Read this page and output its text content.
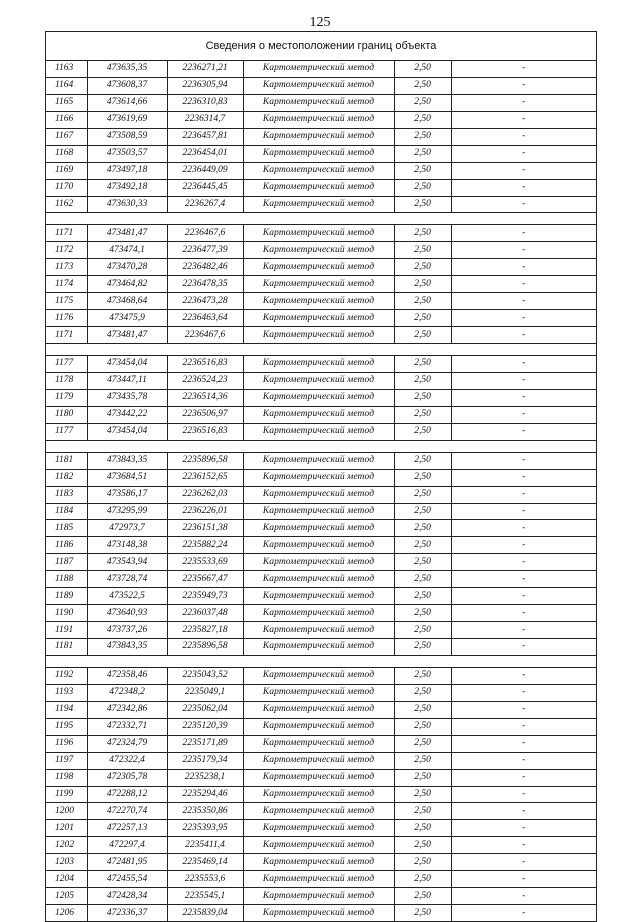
125
Сведения о местоположении границ объекта
1163	473635,35	2236271,21	Картометрический метод	2,50	-
1164	473608,37	2236305,94	Картометрический метод	2,50	-
1165	473614,66	2236310,83	Картометрический метод	2,50	-
1166	473619,69	2236314,7	Картометрический метод	2,50	-
1167	473508,59	2236457,81	Картометрический метод	2,50	-
1168	473503,57	2236454,01	Картометрический метод	2,50	-
1169	473497,18	2236449,09	Картометрический метод	2,50	-
1170	473492,18	2236445,45	Картометрический метод	2,50	-
1162	473630,33	2236267,4	Картометрический метод	2,50	-

1171	473481,47	2236467,6	Картометрический метод	2,50	-
1172	473474,1	2236477,39	Картометрический метод	2,50	-
1173	473470,28	2236482,46	Картометрический метод	2,50	-
1174	473464,82	2236478,35	Картометрический метод	2,50	-
1175	473468,64	2236473,28	Картометрический метод	2,50	-
1176	473475,9	2236463,64	Картометрический метод	2,50	-
1171	473481,47	2236467,6	Картометрический метод	2,50	-

1177	473454,04	2236516,83	Картометрический метод	2,50	-
1178	473447,11	2236524,23	Картометрический метод	2,50	-
1179	473435,78	2236514,36	Картометрический метод	2,50	-
1180	473442,22	2236506,97	Картометрический метод	2,50	-
1177	473454,04	2236516,83	Картометрический метод	2,50	-

1181	473843,35	2235896,58	Картометрический метод	2,50	-
1182	473684,51	2236152,65	Картометрический метод	2,50	-
1183	473586,17	2236262,03	Картометрический метод	2,50	-
1184	473295,99	2236226,01	Картометрический метод	2,50	-
1185	472973,7	2236151,38	Картометрический метод	2,50	-
1186	473148,38	2235882,24	Картометрический метод	2,50	-
1187	473543,94	2235533,69	Картометрический метод	2,50	-
1188	473728,74	2235667,47	Картометрический метод	2,50	-
1189	473522,5	2235949,73	Картометрический метод	2,50	-
1190	473640,93	2236037,48	Картометрический метод	2,50	-
1191	473737,26	2235827,18	Картометрический метод	2,50	-
1181	473843,35	2235896,58	Картометрический метод	2,50	-

1192	472358,46	2235043,52	Картометрический метод	2,50	-
1193	472348,2	2235049,1	Картометрический метод	2,50	-
1194	472342,86	2235062,04	Картометрический метод	2,50	-
1195	472332,71	2235120,39	Картометрический метод	2,50	-
1196	472324,79	2235171,89	Картометрический метод	2,50	-
1197	472322,4	2235179,34	Картометрический метод	2,50	-
1198	472305,78	2235238,1	Картометрический метод	2,50	-
1199	472288,12	2235294,46	Картометрический метод	2,50	-
1200	472270,74	2235350,86	Картометрический метод	2,50	-
1201	472257,13	2235393,95	Картометрический метод	2,50	-
1202	472297,4	2235411,4	Картометрический метод	2,50	-
1203	472481,95	2235469,14	Картометрический метод	2,50	-
1204	472455,54	2235553,6	Картометрический метод	2,50	-
1205	472428,34	2235545,1	Картометрический метод	2,50	-
1206	472336,37	2235839,04	Картометрический метод	2,50	-
